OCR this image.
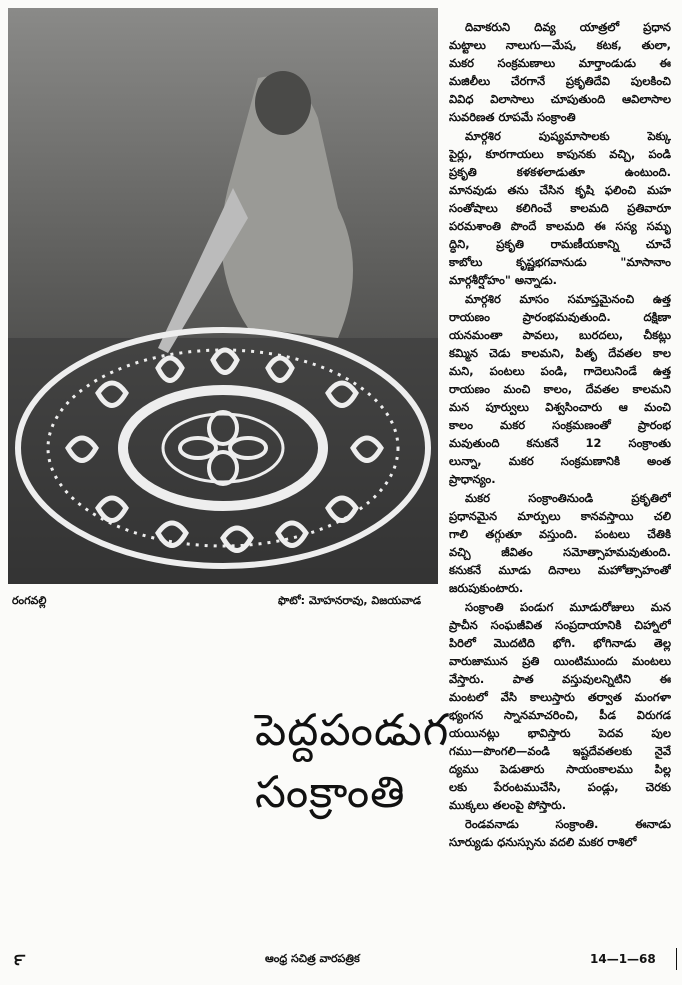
రంగవల్లి	ఫొటో: మోహనరావు, విజయవాడ
పెద్దపండుగ
సంక్రాంతి
దివాకరుని దివ్య యాత్రలో ప్రధాన
మట్టాలు నాలుగు—మేష, కటక, తులా,
మకర సంక్రమణాలు మార్తాండుడు ఈ
మజిలీలు చేరగానే ప్రకృతిదేవి పులకించి
వివిధ విలాసాలు చూపుతుంది ఆవిలాసాల
సువరిణత రూపమే సంక్రాంతి
మార్గశిర పుష్యమాసాలకు పెక్కు
పైర్లు, కూరగాయలు కాపునకు వచ్చి, పండి
ప్రకృతి కళకళలాడుతూ ఉంటుంది.
మానవుడు తను చేసిన కృషి ఫలించి మహ
సంతోషాలు కలిగించే కాలమది ప్రతివారూ
పరమశాంతి పొందే కాలమది ఈ సస్య సమృ
ద్ధిని, ప్రకృతి రామణీయకాన్ని చూచే
కాబోలు కృష్ణభగవానుడు "మాసానాం
మార్గశీర్షోహం" అన్నాడు.
మార్గశిర మాసం సమాప్తమైనంచి ఉత్త
రాయణం ప్రారంభమవుతుంది. దక్షిణా
యనమంతా పావలు, బురదలు, చీకట్లు
కమ్మిన చెడు కాలమని, పితృ దేవతల కాల
మని, పంటలు పండి, గాదెలునిండే ఉత్త
రాయణం మంచి కాలం, దేవతల కాలమని
మన పూర్వులు విశ్వసించారు ఆ మంచి
కాలం మకర సంక్రమణంతో ప్రారంభ
మవుతుంది కనుకనే 12 సంక్రాంతు
లున్నా, మకర సంక్రమణానికి అంత
ప్రాధాన్యం.
మకర సంక్రాంతినుండి ప్రకృతిలో
ప్రధానమైన మార్పులు కానవస్తాయి చలి
గాలి తగ్గుతూ వస్తుంది. పంటలు చేతికి
వచ్చి జీవితం సమోత్సాహమవుతుంది.
కనుకనే మూడు దినాలు మహోత్సాహంతో
జరుపుకుంటారు.
సంక్రాంతి పండుగ మూడురోజులు మన
ప్రాచీన సంఘజీవిత సంప్రదాయానికి చిహ్నాలో
పిరిలో మొదటిది భోగి. భోగినాడు తెల్ల
వారుజామున ప్రతి యింటిముందు మంటలు
వేస్తారు. పాత వస్తువులన్నిటిని ఈ
మంటలో వేసి కాలుస్తారు తర్వాత మంగళా
భ్యంగన స్నానమాచరించి, పీడ విరుగడ
యయినట్లు భావిస్తారు పెదవ పుల
గము—పొంగలి—వండి ఇష్టదేవతలకు నైవే
ద్యము పెడుతారు సాయంకాలము పిల్ల
లకు పేరంటముచేసి, పండ్లు, చెరకు
ముక్కలు తలంపై పోస్తారు.
రెండవనాడు సంక్రాంతి. ఈనాడు
సూర్యుడు ధనుస్సును వదలి మకర రాశిలో
౯	ఆంధ్ర సచిత్ర వారపత్రిక	14—1—68
